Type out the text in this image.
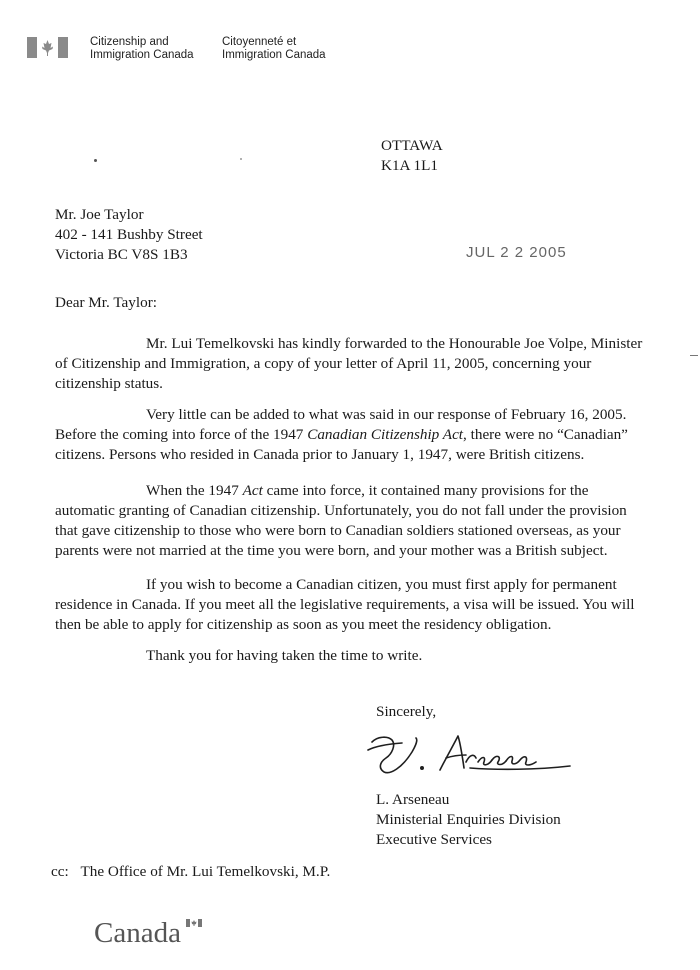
Citizenship and
Immigration Canada
Citoyenneté et
Immigration Canada
OTTAWA
K1A 1L1
Mr. Joe Taylor
402 - 141 Bushby Street
Victoria BC V8S 1B3	JUL 2 2 2005
Dear Mr. Taylor:
Mr. Lui Temelkovski has kindly forwarded to the Honourable Joe Volpe, Minister
of Citizenship and Immigration, a copy of your letter of April 11, 2005, concerning your
citizenship status.
Very little can be added to what was said in our response of February 16, 2005.
Before the coming into force of the 1947 Canadian Citizenship Act, there were no “Canadian”
citizens. Persons who resided in Canada prior to January 1, 1947, were British citizens.
When the 1947 Act came into force, it contained many provisions for the
automatic granting of Canadian citizenship. Unfortunately, you do not fall under the provision
that gave citizenship to those who were born to Canadian soldiers stationed overseas, as your
parents were not married at the time you were born, and your mother was a British subject.
If you wish to become a Canadian citizen, you must first apply for permanent
residence in Canada. If you meet all the legislative requirements, a visa will be issued. You will
then be able to apply for citizenship as soon as you meet the residency obligation.
Thank you for having taken the time to write.
Sincerely,
L. Arseneau
Ministerial Enquiries Division
Executive Services
cc: The Office of Mr. Lui Temelkovski, M.P.
Canada
